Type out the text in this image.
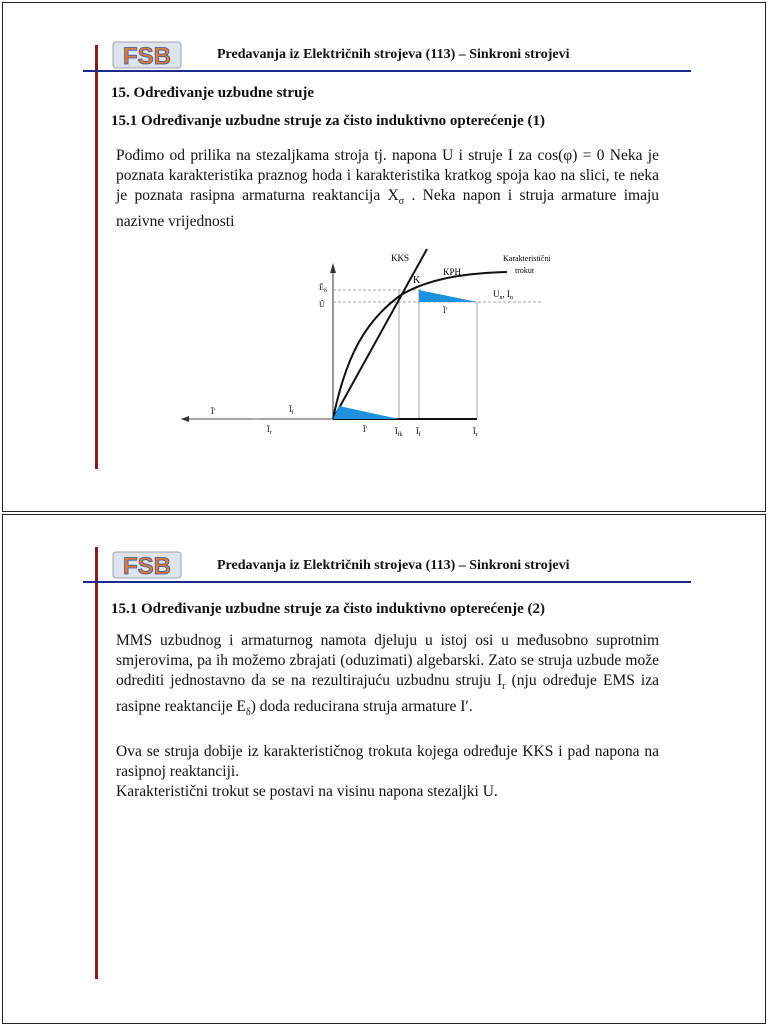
FSB	Predavanja iz Električnih strojeva (113) – Sinkroni strojevi
15. Određivanje uzbudne struje
15.1 Određivanje uzbudne struje za čisto induktivno opterećenje (1)

Pođimo od prilika na stezaljkama stroja tj. napona U i struje I za cos(φ) = 0 Neka je poznata karakteristika praznog hoda i karakteristika kratkog spoja kao na slici, te neka je poznata rasipna armaturna reaktancija $X_\sigma$ . Neka napon i struja armature imaju nazivne vrijednosti

KKS
KPH
K
Karakteristični
trokut
$Ē_\delta$
Ū
$U_n$, $I_n$
Ī'
Ī'	$Ī_f$
$Ī_r$	Ī'	$Ī_{fk}$ $Ī_f$	$Ī_r$
FSB	Predavanja iz Električnih strojeva (113) – Sinkroni strojevi
15.1 Određivanje uzbudne struje za čisto induktivno opterećenje (2)

MMS uzbudnog i armaturnog namota djeluju u istoj osi u međusobno suprotnim smjerovima, pa ih možemo zbrajati (oduzimati) algebarski. Zato se struja uzbude može odrediti jednostavno da se na rezultirajuću uzbudnu struju $I_r$ (nju određuje EMS iza rasipne reaktancije $E_\delta$) doda reducirana struja armature I′.

Ova se struja dobije iz karakterističnog trokuta kojega određuje KKS i pad napona na rasipnoj reaktanciji.
Karakteristični trokut se postavi na visinu napona stezaljki U.
